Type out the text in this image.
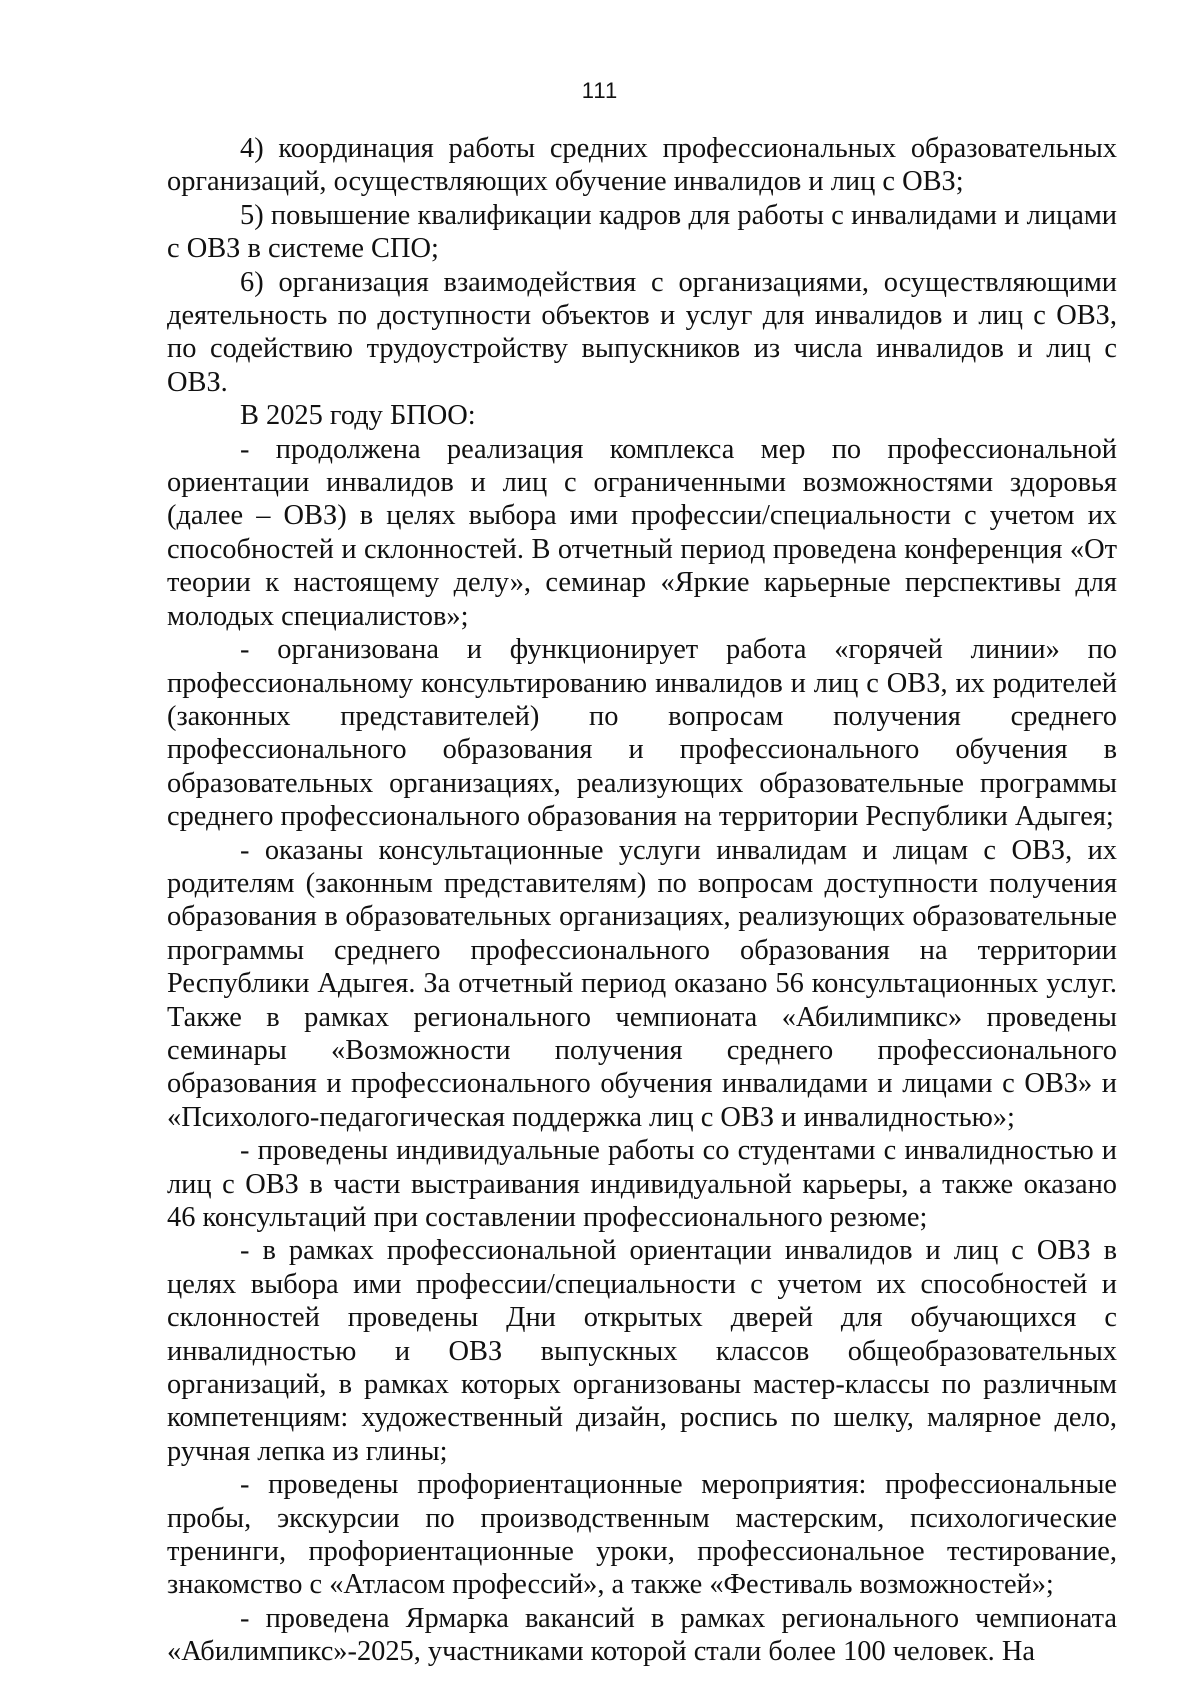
111

4) координация работы средних профессиональных образовательных организаций, осуществляющих обучение инвалидов и лиц с ОВЗ;

5) повышение квалификации кадров для работы с инвалидами и лицами с ОВЗ в системе СПО;

6) организация взаимодействия с организациями, осуществляющими деятельность по доступности объектов и услуг для инвалидов и лиц с ОВЗ, по содействию трудоустройству выпускников из числа инвалидов и лиц с ОВЗ.

В 2025 году БПОО:

- продолжена реализация комплекса мер по профессиональной ориентации инвалидов и лиц с ограниченными возможностями здоровья (далее – ОВЗ) в целях выбора ими профессии/специальности с учетом их способностей и склонностей. В отчетный период проведена конференция «От теории к настоящему делу», семинар «Яркие карьерные перспективы для молодых специалистов»;

- организована и функционирует работа «горячей линии» по профессиональному консультированию инвалидов и лиц с ОВЗ, их родителей (законных представителей) по вопросам получения среднего профессионального образования и профессионального обучения в образовательных организациях, реализующих образовательные программы среднего профессионального образования на территории Республики Адыгея;

- оказаны консультационные услуги инвалидам и лицам с ОВЗ, их родителям (законным представителям) по вопросам доступности получения образования в образовательных организациях, реализующих образовательные программы среднего профессионального образования на территории Республики Адыгея. За отчетный период оказано 56 консультационных услуг. Также в рамках регионального чемпионата «Абилимпикс» проведены семинары «Возможности получения среднего профессионального образования и профессионального обучения инвалидами и лицами с ОВЗ» и «Психолого-педагогическая поддержка лиц с ОВЗ и инвалидностью»;

- проведены индивидуальные работы со студентами с инвалидностью и лиц с ОВЗ в части выстраивания индивидуальной карьеры, а также оказано 46 консультаций при составлении профессионального резюме;

- в рамках профессиональной ориентации инвалидов и лиц с ОВЗ в целях выбора ими профессии/специальности с учетом их способностей и склонностей проведены Дни открытых дверей для обучающихся с инвалидностью и ОВЗ выпускных классов общеобразовательных организаций, в рамках которых организованы мастер-классы по различным компетенциям: художественный дизайн, роспись по шелку, малярное дело, ручная лепка из глины;

- проведены профориентационные мероприятия: профессиональные пробы, экскурсии по производственным мастерским, психологические тренинги, профориентационные уроки, профессиональное тестирование, знакомство с «Атласом профессий», а также «Фестиваль возможностей»;

- проведена Ярмарка вакансий в рамках регионального чемпионата «Абилимпикс»-2025, участниками которой стали более 100 человек. На
